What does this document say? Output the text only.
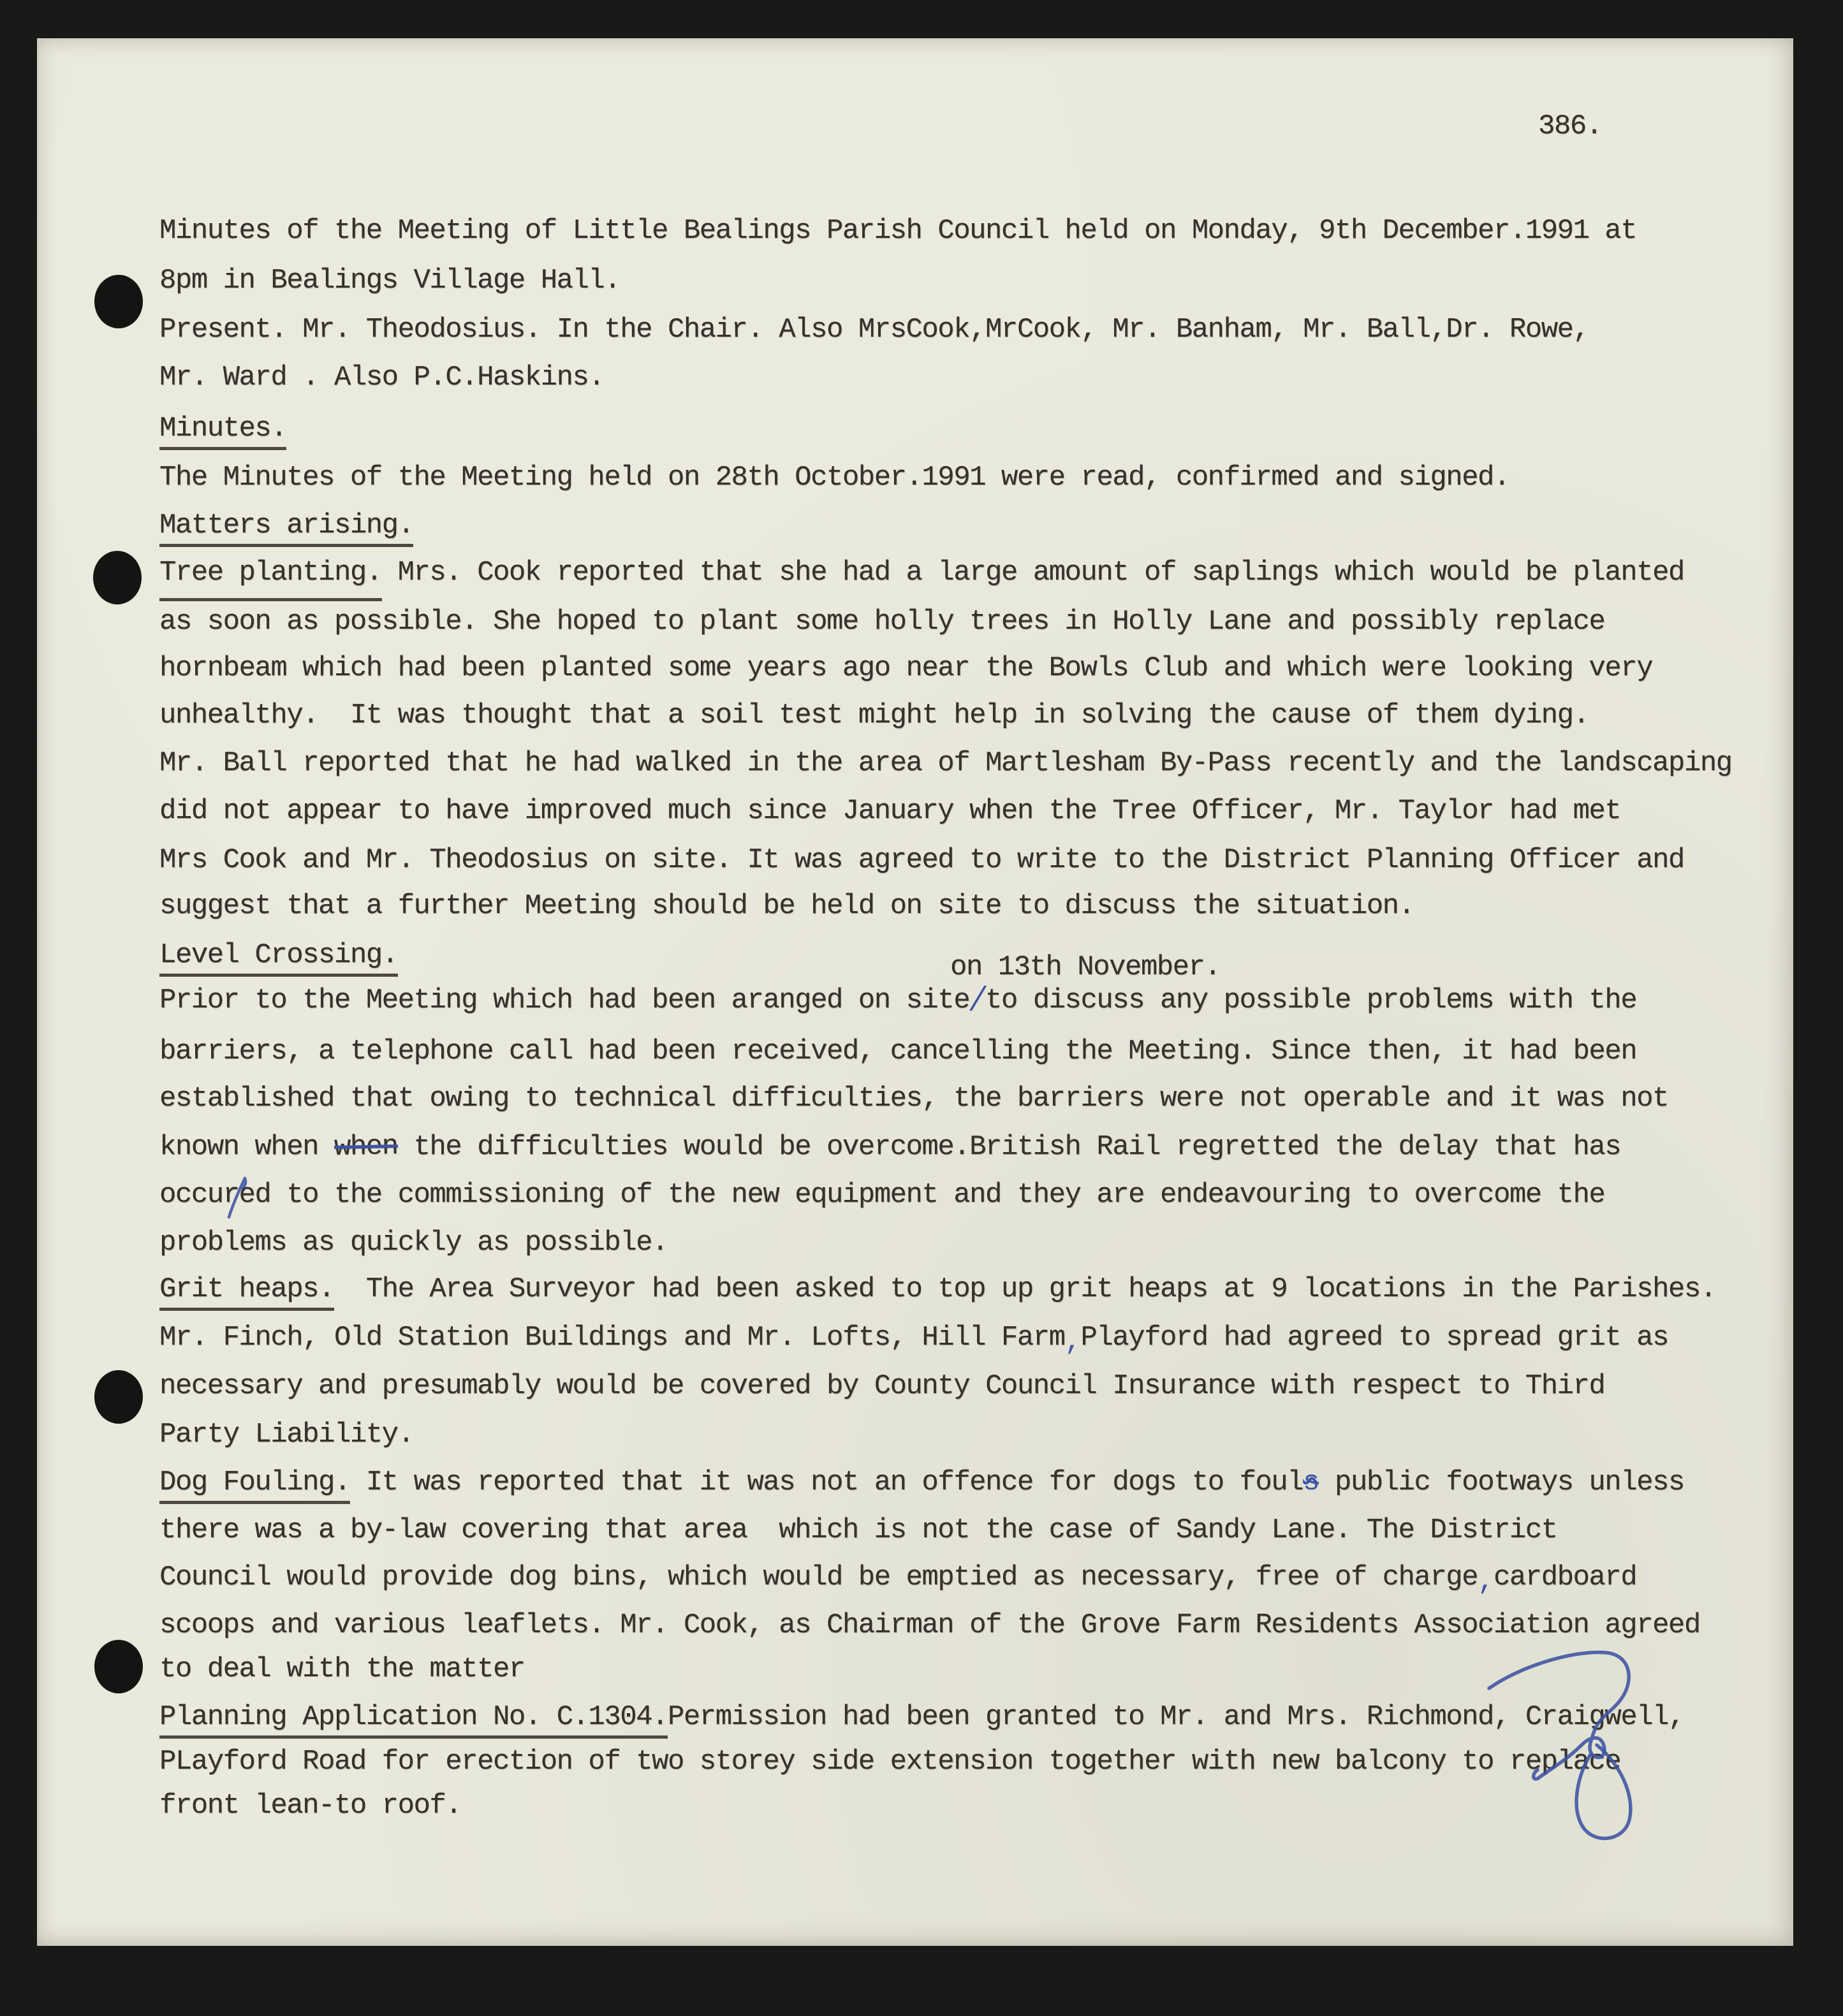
386.
Minutes of the Meeting of Little Bealings Parish Council held on Monday, 9th December.1991 at
8pm in Bealings Village Hall.
Present. Mr. Theodosius. In the Chair. Also MrsCook,MrCook, Mr. Banham, Mr. Ball,Dr. Rowe,
Mr. Ward . Also P.C.Haskins.
Minutes.
The Minutes of the Meeting held on 28th October.1991 were read, confirmed and signed.
Matters arising.
Tree planting. Mrs. Cook reported that she had a large amount of saplings which would be planted
as soon as possible. She hoped to plant some holly trees in Holly Lane and possibly replace
hornbeam which had been planted some years ago near the Bowls Club and which were looking very
unhealthy.  It was thought that a soil test might help in solving the cause of them dying.
Mr. Ball reported that he had walked in the area of Martlesham By-Pass recently and the landscaping
did not appear to have improved much since January when the Tree Officer, Mr. Taylor had met
Mrs Cook and Mr. Theodosius on site. It was agreed to write to the District Planning Officer and
suggest that a further Meeting should be held on site to discuss the situation.
Level Crossing.	on 13th November.
Prior to the Meeting which had been aranged on site/to discuss any possible problems with the
barriers, a telephone call had been received, cancelling the Meeting. Since then, it had been
established that owing to technical difficulties, the barriers were not operable and it was not
known when when the difficulties would be overcome.British Rail regretted the delay that has
occured to the commissioning of the new equipment and they are endeavouring to overcome the
problems as quickly as possible.
Grit heaps.  The Area Surveyor had been asked to top up grit heaps at 9 locations in the Parishes.
Mr. Finch, Old Station Buildings and Mr. Lofts, Hill Farm,Playford had agreed to spread grit as
necessary and presumably would be covered by County Council Insurance with respect to Third
Party Liability.
Dog Fouling. It was reported that it was not an offence for dogs to fouls public footways unless
there was a by-law covering that area  which is not the case of Sandy Lane. The District
Council would provide dog bins, which would be emptied as necessary, free of charge,cardboard
scoops and various leaflets. Mr. Cook, as Chairman of the Grove Farm Residents Association agreed
to deal with the matter
Planning Application No. C.1304.Permission had been granted to Mr. and Mrs. Richmond, Craigwell,
PLayford Road for erection of two storey side extension together with new balcony to replace
front lean-to roof.
